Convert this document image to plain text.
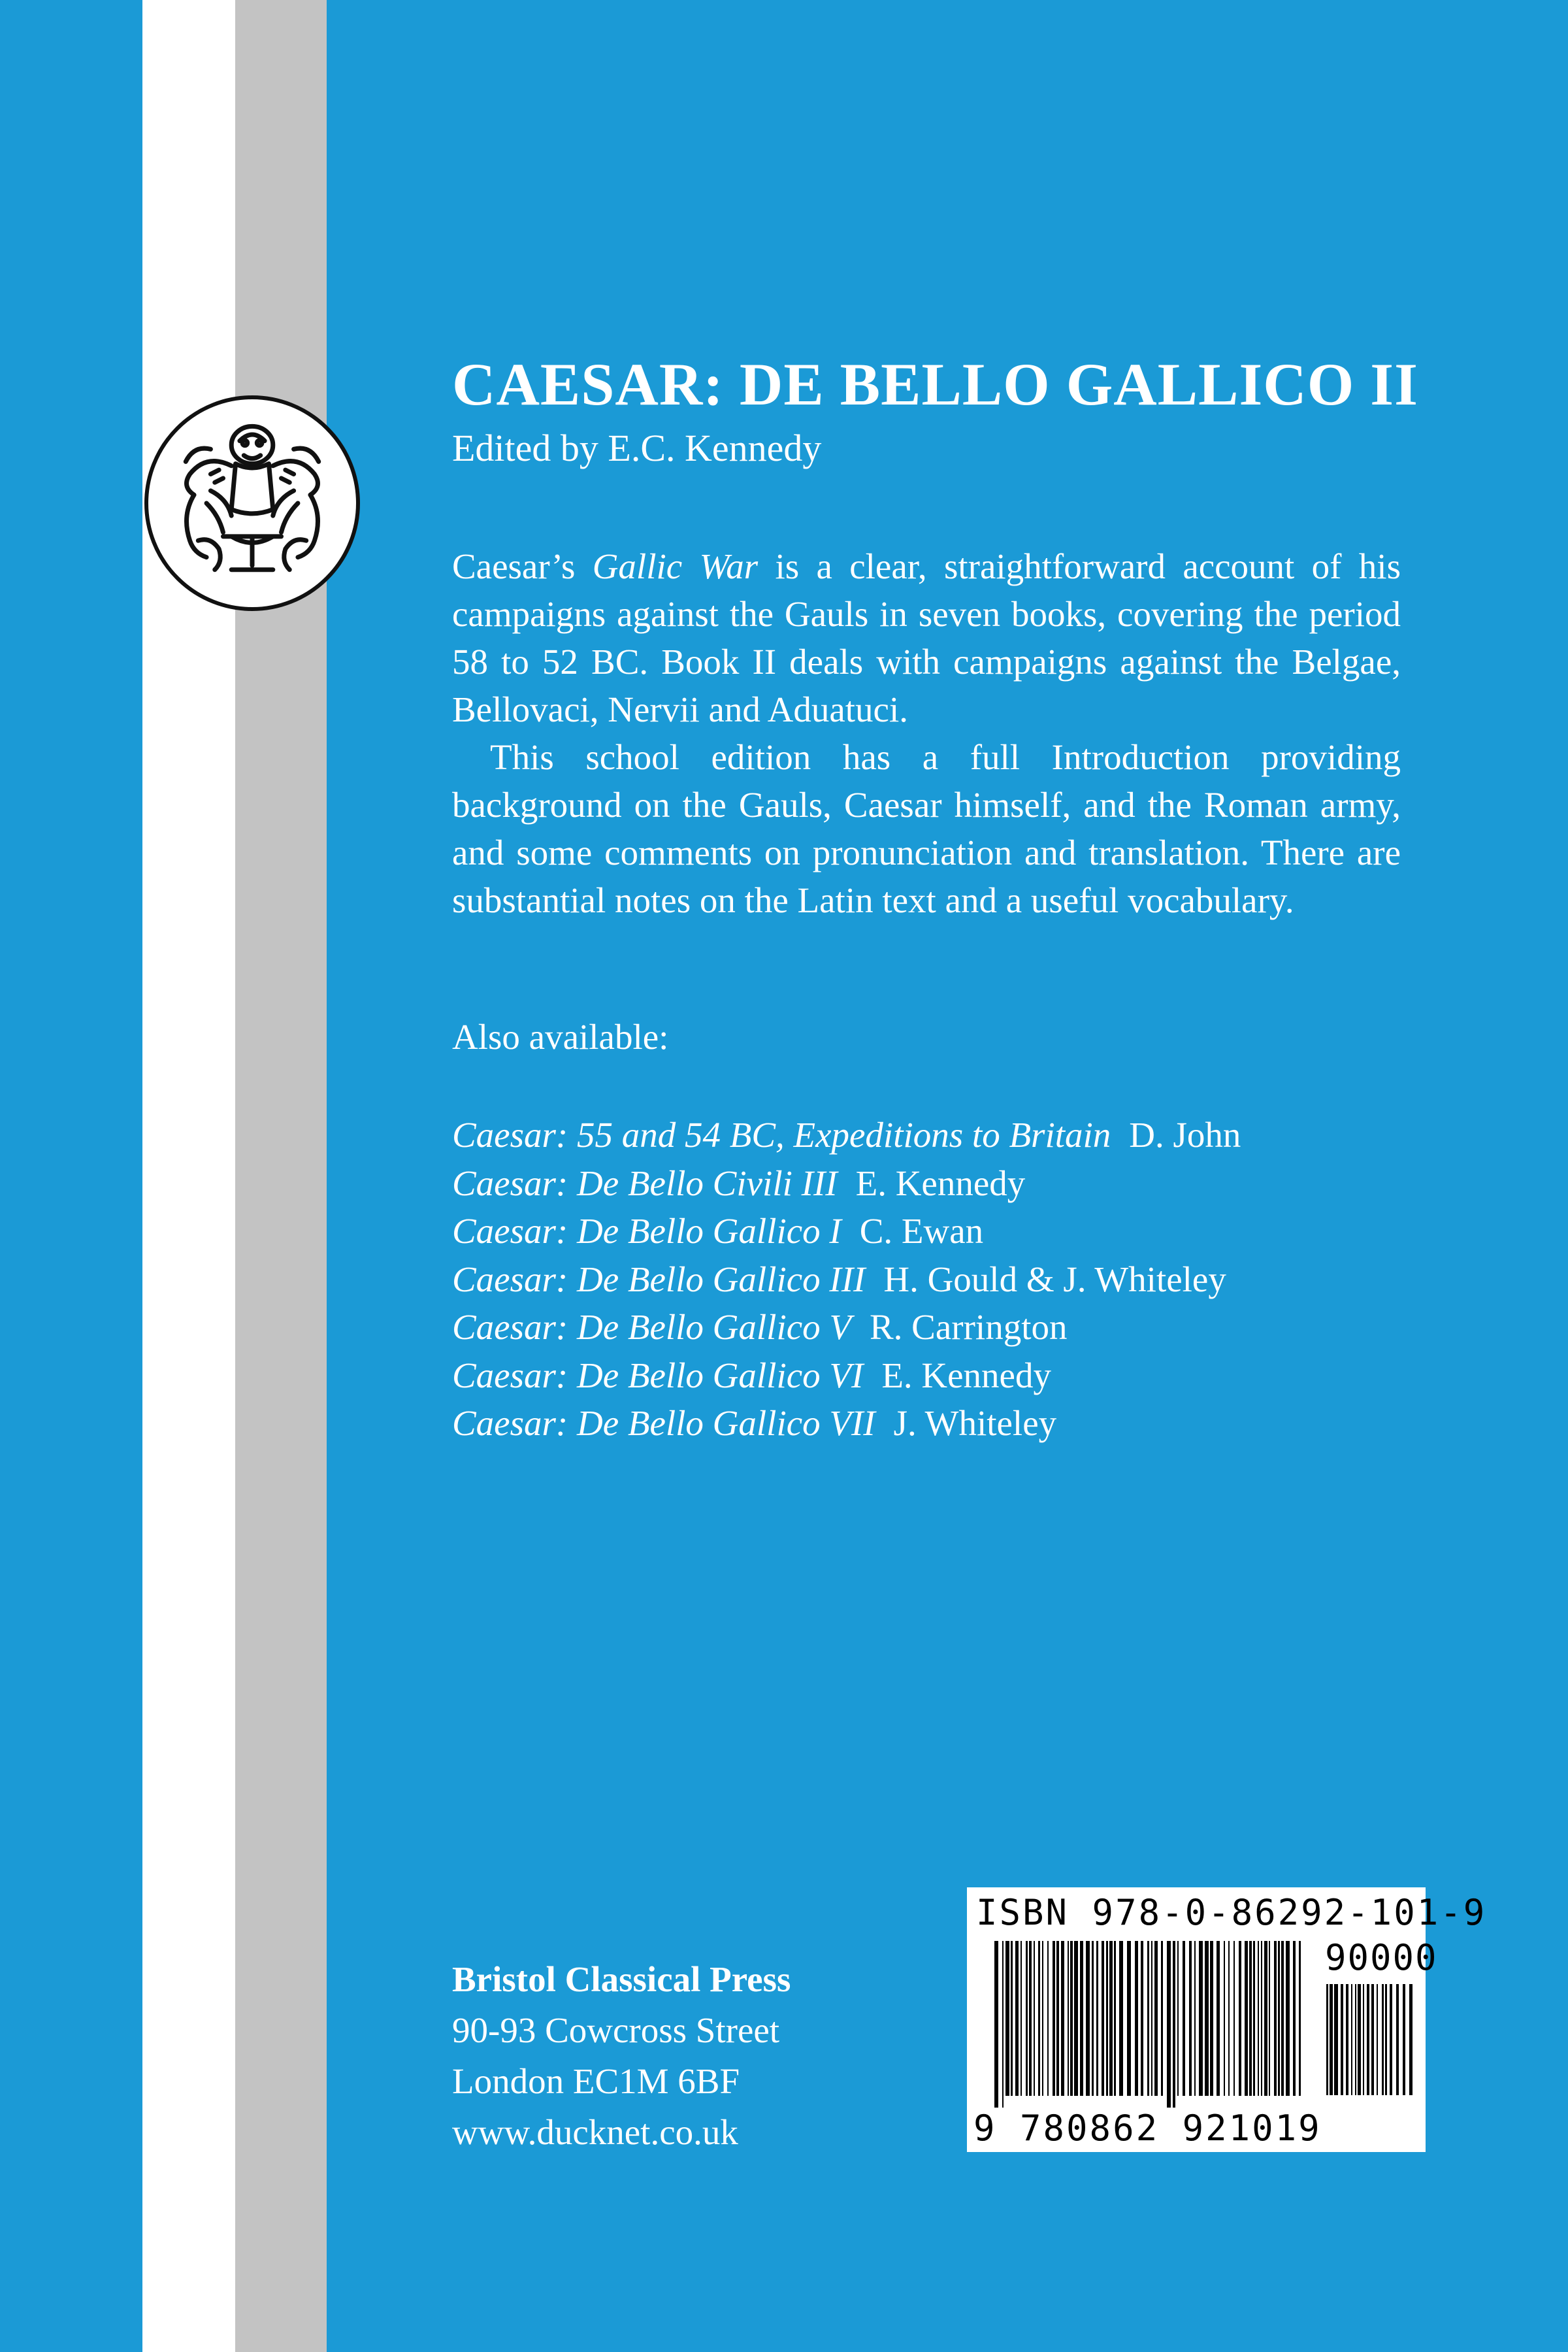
CAESAR: DE BELLO GALLICO II

Edited by E.C. Kennedy

Caesar’s Gallic War is a clear, straightforward account of his campaigns against the Gauls in seven books, covering the period 58 to 52 BC. Book II deals with campaigns against the Belgae, Bellovaci, Nervii and Aduatuci.

This school edition has a full Introduction providing background on the Gauls, Caesar himself, and the Roman army, and some comments on pronunciation and translation. There are substantial notes on the Latin text and a useful vocabulary.

Also available:

Caesar: 55 and 54 BC, Expeditions to Britain D. John
Caesar: De Bello Civili III E. Kennedy
Caesar: De Bello Gallico I C. Ewan
Caesar: De Bello Gallico III H. Gould & J. Whiteley
Caesar: De Bello Gallico V R. Carrington
Caesar: De Bello Gallico VI E. Kennedy
Caesar: De Bello Gallico VII J. Whiteley
Bristol Classical Press
90-93 Cowcross Street
London EC1M 6BF
www.ducknet.co.uk

ISBN 978-0-86292-101-9

90000

9 780862 921019
